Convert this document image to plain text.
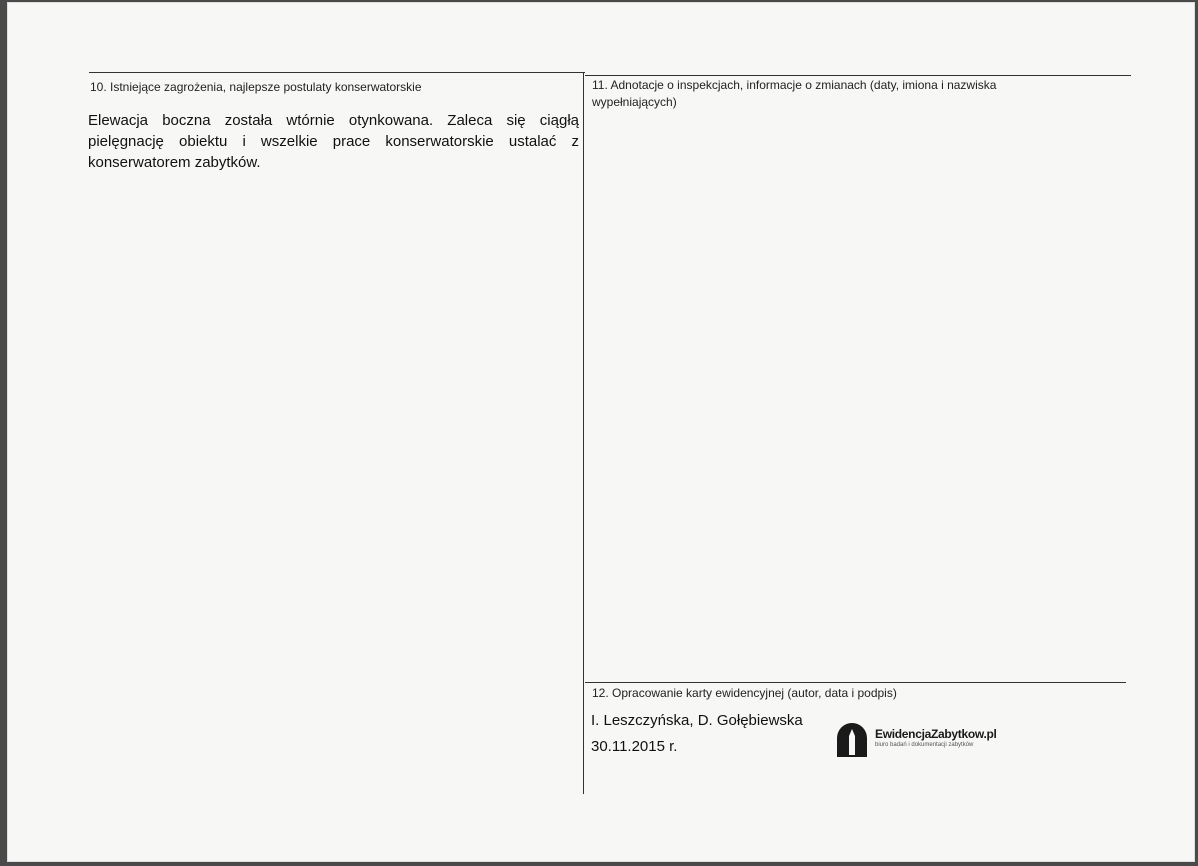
10. Istniejące zagrożenia, najlepsze postulaty konserwatorskie
Elewacja boczna została wtórnie otynkowana. Zaleca się ciągłą pielęgnację obiektu i wszelkie prace konserwatorskie ustalać z konserwatorem zabytków.
11. Adnotacje o inspekcjach, informacje o zmianach (daty, imiona i nazwiska wypełniających)
12. Opracowanie karty ewidencyjnej (autor, data i podpis)
I. Leszczyńska, D. Gołębiewska
30.11.2015 r.
EwidencjaZabytkow.pl
biuro badań i dokumentacji zabytków
